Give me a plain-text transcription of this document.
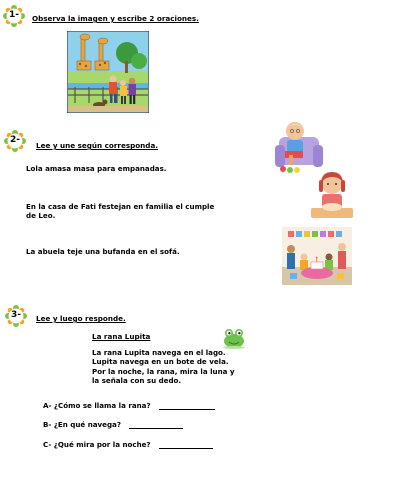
1-	Observa la imagen y escribe 2 oraciones.
2-
Lee y une según corresponda.
Lola amasa masa para empanadas.
En la casa de Fati festejan en familia el cumple de Leo.
La abuela teje una bufanda en el sofá.
3-	Lee y luego responde.
La rana Lupita
La rana Lupita navega en el lago.
Lupita navega en un bote de vela.
Por la noche, la rana, mira la luna y
la señala con su dedo.
A- ¿Cómo se llama la rana?
B- ¿En qué navega?
C- ¿Qué mira por la noche?
